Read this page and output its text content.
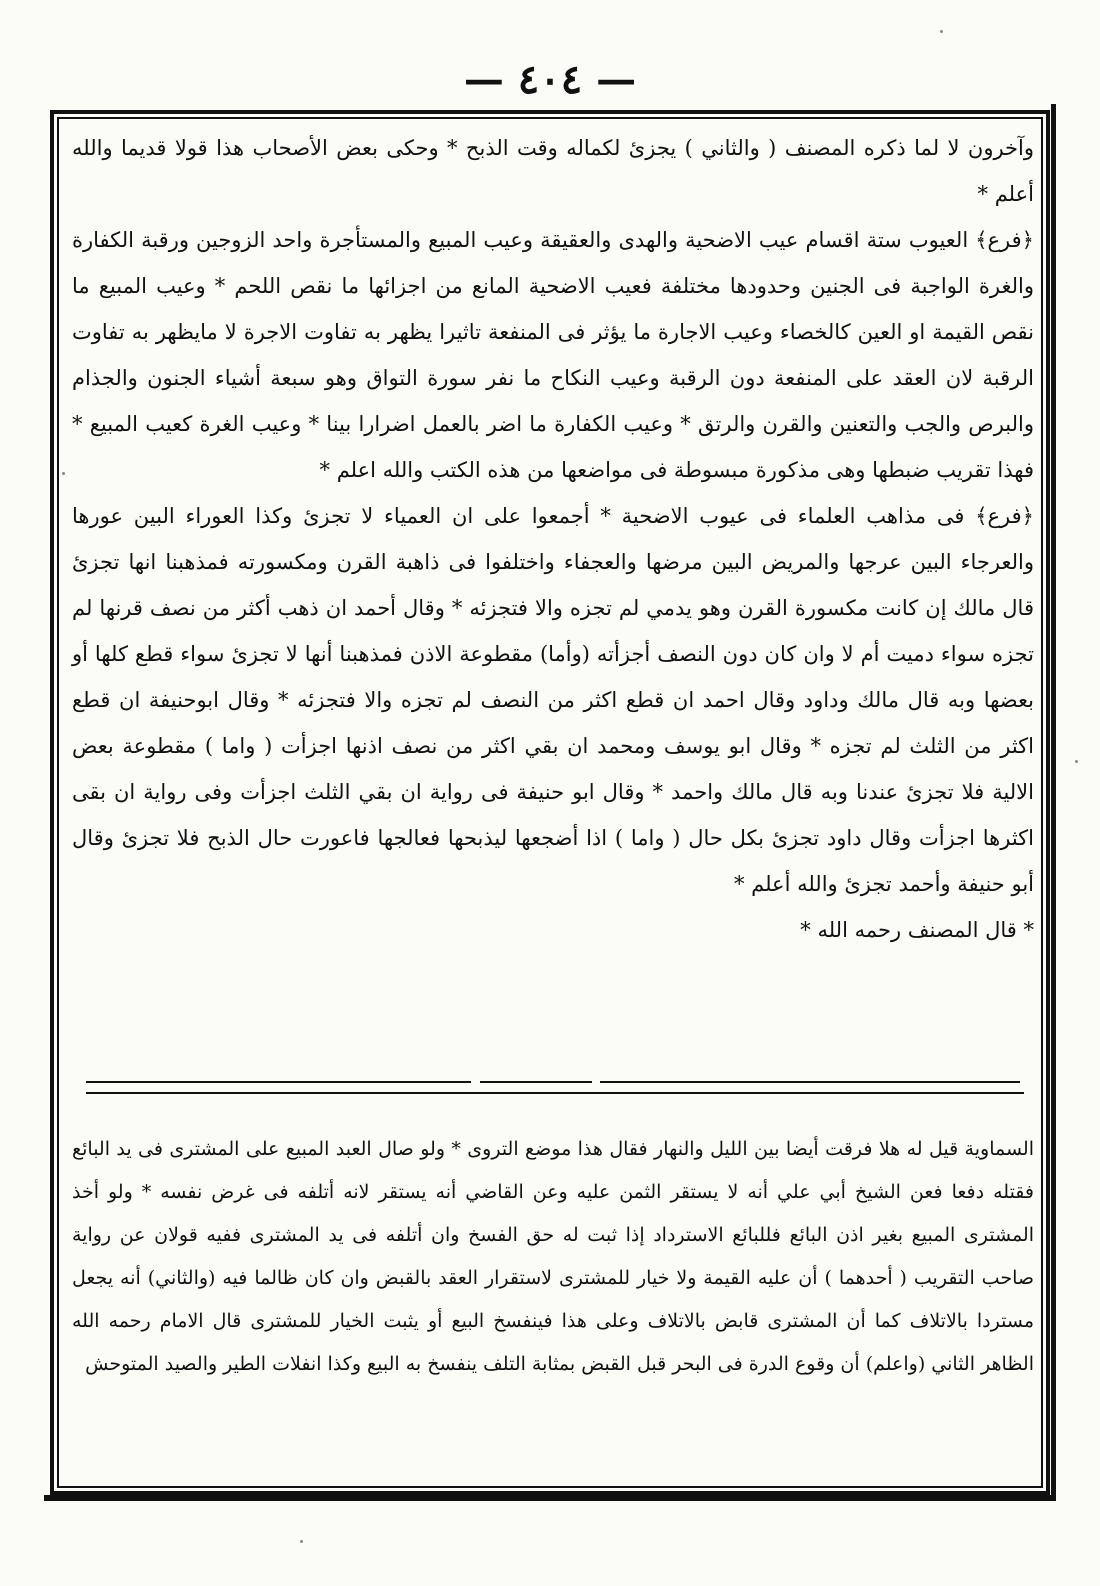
— ٤٠٤ —

وآخرون لا لما ذكره المصنف ( والثاني ) يجزئ لكماله وقت الذبح * وحكى بعض الأصحاب هذا قولا قديما والله أعلم *

﴿فرع﴾ العيوب ستة اقسام عيب الاضحية والهدى والعقيقة وعيب المبيع والمستأجرة واحد الزوجين ورقبة الكفارة والغرة الواجبة فى الجنين وحدودها مختلفة فعيب الاضحية المانع من اجزائها ما نقص اللحم * وعيب المبيع ما نقص القيمة او العين كالخصاء وعيب الاجارة ما يؤثر فى المنفعة تاثيرا يظهر به تفاوت الاجرة لا مايظهر به تفاوت الرقبة لان العقد على المنفعة دون الرقبة وعيب النكاح ما نفر سورة التواق وهو سبعة أشياء الجنون والجذام والبرص والجب والتعنين والقرن والرتق * وعيب الكفارة ما اضر بالعمل اضرارا بينا * وعيب الغرة كعيب المبيع * فهذا تقريب ضبطها وهى مذكورة مبسوطة فى مواضعها من هذه الكتب والله اعلم *

﴿فرع﴾ فى مذاهب العلماء فى عيوب الاضحية * أجمعوا على ان العمياء لا تجزئ وكذا العوراء البين عورها والعرجاء البين عرجها والمريض البين مرضها والعجفاء واختلفوا فى ذاهبة القرن ومكسورته فمذهبنا انها تجزئ قال مالك إن كانت مكسورة القرن وهو يدمي لم تجزه والا فتجزئه * وقال أحمد ان ذهب أكثر من نصف قرنها لم تجزه سواء دميت أم لا وان كان دون النصف أجزأته (وأما) مقطوعة الاذن فمذهبنا أنها لا تجزئ سواء قطع كلها أو بعضها وبه قال مالك وداود وقال احمد ان قطع اكثر من النصف لم تجزه والا فتجزئه * وقال ابوحنيفة ان قطع اكثر من الثلث لم تجزه * وقال ابو يوسف ومحمد ان بقي اكثر من نصف اذنها اجزأت ( واما ) مقطوعة بعض الالية فلا تجزئ عندنا وبه قال مالك واحمد * وقال ابو حنيفة فى رواية ان بقي الثلث اجزأت وفى رواية ان بقى اكثرها اجزأت وقال داود تجزئ بكل حال ( واما ) اذا أضجعها ليذبحها فعالجها فاعورت حال الذبح فلا تجزئ وقال أبو حنيفة وأحمد تجزئ والله أعلم *

* قال المصنف رحمه الله *

السماوية قيل له هلا فرقت أيضا بين الليل والنهار فقال هذا موضع التروى * ولو صال العبد المبيع على المشترى فى يد البائع فقتله دفعا فعن الشيخ أبي علي أنه لا يستقر الثمن عليه وعن القاضي أنه يستقر لانه أتلفه فى غرض نفسه * ولو أخذ المشترى المبيع بغير اذن البائع فللبائع الاسترداد إذا ثبت له حق الفسخ وان أتلفه فى يد المشترى ففيه قولان عن رواية صاحب التقريب ( أحدهما ) أن عليه القيمة ولا خيار للمشترى لاستقرار العقد بالقبض وان كان ظالما فيه (والثاني) أنه يجعل مستردا بالاتلاف كما أن المشترى قابض بالاتلاف وعلى هذا فينفسخ البيع أو يثبت الخيار للمشترى قال الامام رحمه الله الظاهر الثاني (واعلم) أن وقوع الدرة فى البحر قبل القبض بمثابة التلف ينفسخ به البيع وكذا انفلات الطير والصيد المتوحش
